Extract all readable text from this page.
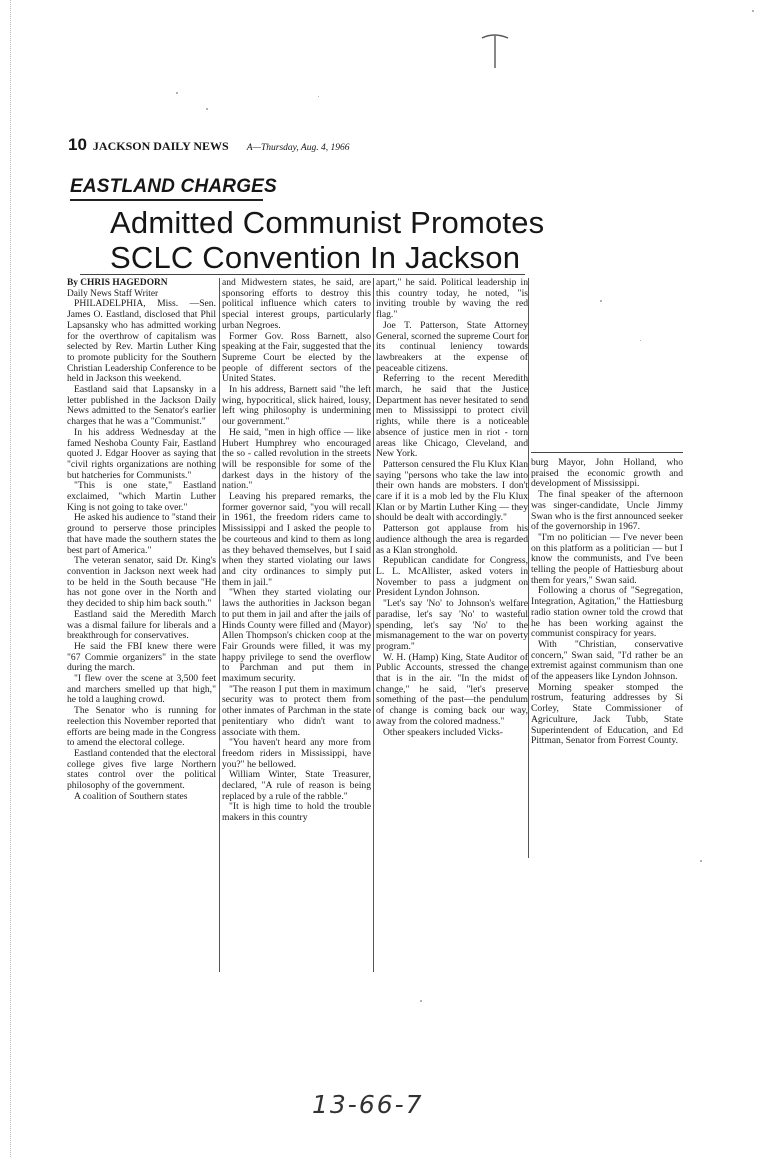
10 JACKSON DAILY NEWS A—Thursday, Aug. 4, 1966
EASTLAND CHARGES
Admitted Communist Promotes
SCLC Convention In Jackson

By CHRIS HAGEDORN

Daily News Staff Writer

PHILADELPHIA, Miss. —Sen. James O. Eastland, disclosed that Phil Lapsansky who has admitted working for the overthrow of capitalism was selected by Rev. Martin Luther King to promote publicity for the Southern Christian Leadership Conference to be held in Jackson this weekend.

Eastland said that Lapsansky in a letter published in the Jackson Daily News admitted to the Senator's earlier charges that he was a "Communist."

In his address Wednesday at the famed Neshoba County Fair, Eastland quoted J. Edgar Hoover as saying that "civil rights organizations are nothing but hatcheries for Communists."

"This is one state," Eastland exclaimed, "which Martin Luther King is not going to take over."

He asked his audience to "stand their ground to perserve those principles that have made the southern states the best part of America."

The veteran senator, said Dr. King's convention in Jackson next week had to be held in the South because "He has not gone over in the North and they decided to ship him back south."

Eastland said the Meredith March was a dismal failure for liberals and a breakthrough for conservatives.

He said the FBI knew there were "67 Commie organizers" in the state during the march.

"I flew over the scene at 3,500 feet and marchers smelled up that high," he told a laughing crowd.

The Senator who is running for reelection this November reported that efforts are being made in the Congress to amend the electoral college.

Eastland contended that the electoral college gives five large Northern states control over the political philosophy of the government.

A coalition of Southern states

and Midwestern states, he said, are sponsoring efforts to destroy this political influence which caters to special interest groups, particularly urban Negroes.

Former Gov. Ross Barnett, also speaking at the Fair, suggested that the Supreme Court be elected by the people of different sectors of the United States.

In his address, Barnett said "the left wing, hypocritical, slick haired, lousy, left wing philosophy is undermining our government."

He said, "men in high office — like Hubert Humphrey who encouraged the so - called revolution in the streets will be responsible for some of the darkest days in the history of the nation."

Leaving his prepared remarks, the former governor said, "you will recall in 1961, the freedom riders came to Mississippi and I asked the people to be courteous and kind to them as long as they behaved themselves, but I said when they started violating our laws and city ordinances to simply put them in jail."

"When they started violating our laws the authorities in Jackson began to put them in jail and after the jails of Hinds County were filled and (Mayor) Allen Thompson's chicken coop at the Fair Grounds were filled, it was my happy privilege to send the overflow to Parchman and put them in maximum security.

"The reason I put them in maximum security was to protect them from other inmates of Parchman in the state penitentiary who didn't want to associate with them.

"You haven't heard any more from freedom riders in Mississippi, have you?" he bellowed.

William Winter, State Treasurer, declared, "A rule of reason is being replaced by a rule of the rabble."

"It is high time to hold the trouble makers in this country

apart," he said. Political leadership in this country today, he noted, "is inviting trouble by waving the red flag."

Joe T. Patterson, State Attorney General, scorned the supreme Court for its continual leniency towards lawbreakers at the expense of peaceable citizens.

Referring to the recent Meredith march, he said that the Justice Department has never hesitated to send men to Mississippi to protect civil rights, while there is a noticeable absence of justice men in riot - torn areas like Chicago, Cleveland, and New York.

Patterson censured the Flu Klux Klan saying "persons who take the law into their own hands are mobsters. I don't care if it is a mob led by the Flu Klux Klan or by Martin Luther King — they should be dealt with accordingly."

Patterson got applause from his audience although the area is regarded as a Klan stronghold.

Republican candidate for Congress, L. L. McAllister, asked voters in November to pass a judgment on President Lyndon Johnson.

"Let's say 'No' to Johnson's welfare paradise, let's say 'No' to wasteful spending, let's say 'No' to the mismanagement to the war on poverty program."

W. H. (Hamp) King, State Auditor of Public Accounts, stressed the change that is in the air. "In the midst of change," he said, "let's preserve something of the past—the pendulum of change is coming back our way, away from the colored madness."

Other speakers included Vicks-

burg Mayor, John Holland, who praised the economic growth and development of Mississippi.

The final speaker of the afternoon was singer-candidate, Uncle Jimmy Swan who is the first announced seeker of the governorship in 1967.

"I'm no politician — I've never been on this platform as a politician — but I know the communists, and I've been telling the people of Hattiesburg about them for years," Swan said.

Following a chorus of "Segregation, Integration, Agitation," the Hattiesburg radio station owner told the crowd that he has been working against the communist conspiracy for years.

With "Christian, conservative concern," Swan said, "I'd rather be an extremist against communism than one of the appeasers like Lyndon Johnson.

Morning speaker stomped the rostrum, featuring addresses by Si Corley, State Commissioner of Agriculture, Jack Tubb, State Superintendent of Education, and Ed Pittman, Senator from Forrest County.

13-66-7
